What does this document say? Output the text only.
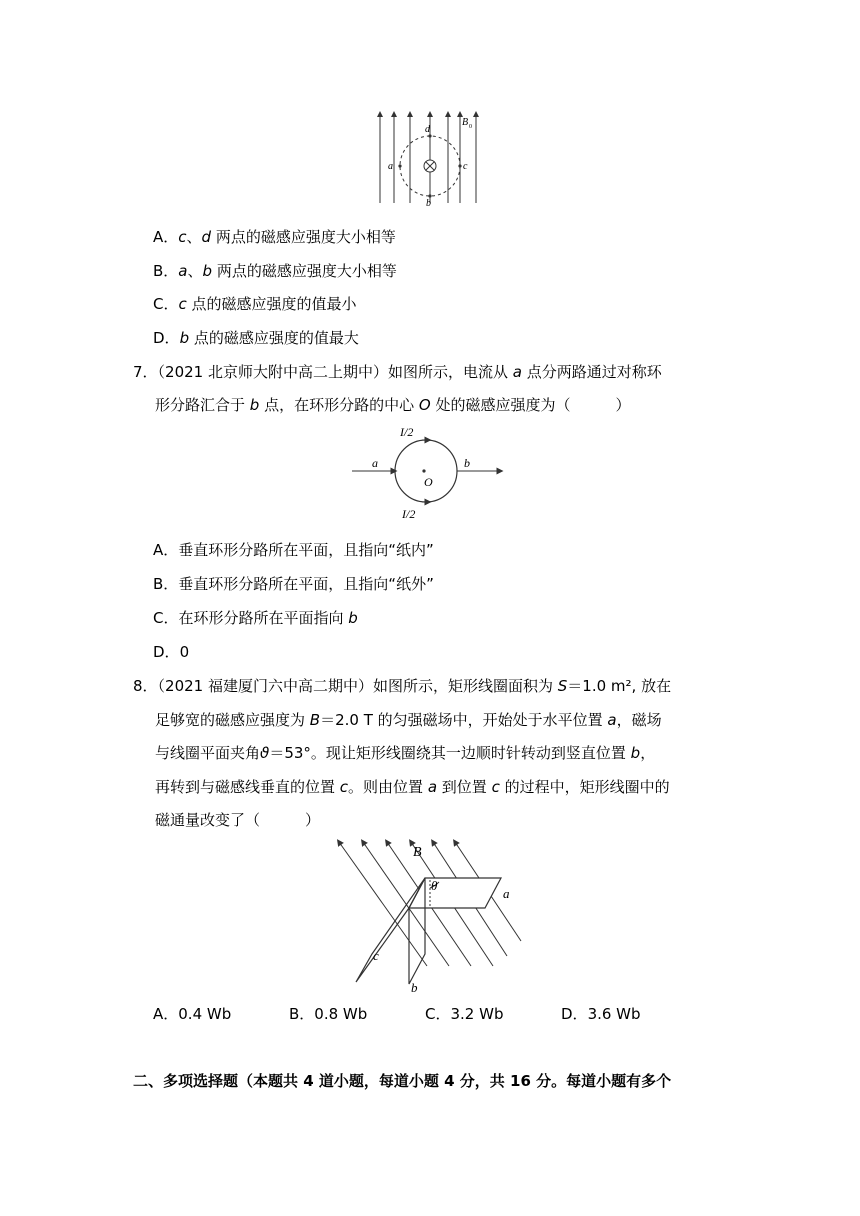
d
b
a	c
B 0
A．c、d 两点的磁感应强度大小相等
B．a、b 两点的磁感应强度大小相等
C．c 点的磁感应强度的值最小
D．b 点的磁感应强度的值最大
7．（2021 北京师大附中高二上期中）如图所示，电流从 a 点分两路通过对称环
形分路汇合于 b 点，在环形分路的中心 O 处的磁感应强度为（　　　）
I/2
I/2
a	b
O
A．垂直环形分路所在平面，且指向“纸内”
B．垂直环形分路所在平面，且指向“纸外”
C．在环形分路所在平面指向 b
D．0
8．（2021 福建厦门六中高二期中）如图所示，矩形线圈面积为 S＝1.0 m², 放在
足够宽的磁感应强度为 B＝2.0 T 的匀强磁场中，开始处于水平位置 a，磁场
与线圈平面夹角ϑ＝53°。现让矩形线圈绕其一边顺时针转动到竖直位置 b，
再转到与磁感线垂直的位置 c。则由位置 a 到位置 c 的过程中，矩形线圈中的
磁通量改变了（　　　）
B
θ
a
b
c
A．0.4 Wb	B．0.8 Wb	C．3.2 Wb	D．3.6 Wb
二、多项选择题（本题共 4 道小题，每道小题 4 分，共 16 分。每道小题有多个
